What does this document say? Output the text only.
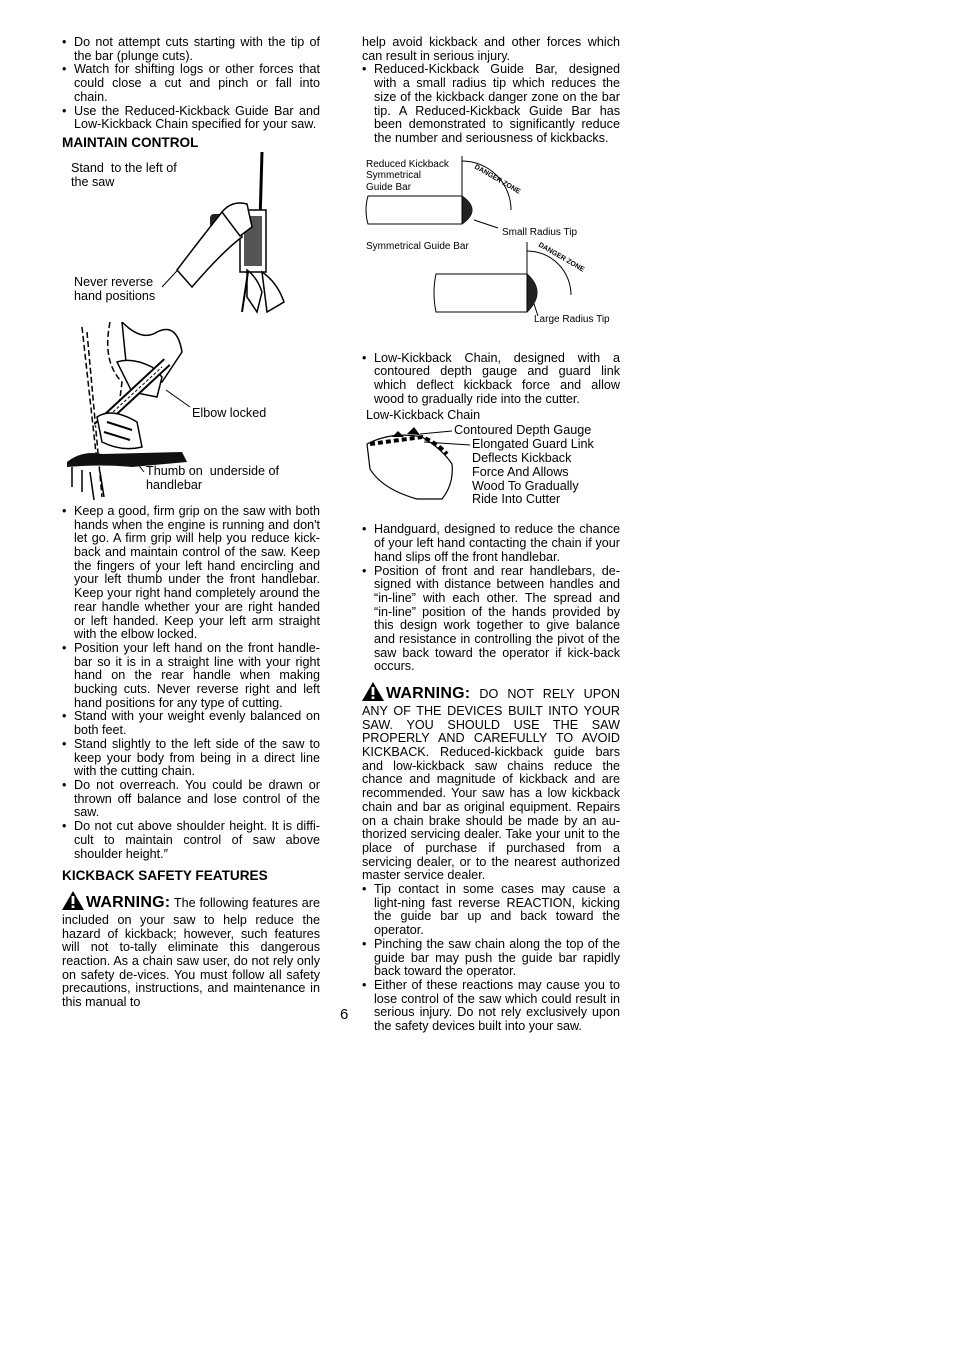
• Do not attempt cuts starting with the tip of the bar (plunge cuts).
• Watch for shifting logs or other forces that could close a cut and pinch or fall into chain.
• Use the Reduced-Kickback Guide Bar and Low-Kickback Chain specified for your saw.
MAINTAIN CONTROL
Stand  to the left of
the saw
Never reverse
hand positions
Elbow locked
Thumb on  underside of
handlebar
• Keep a good, firm grip on the saw with both hands when the engine is running and don't let go. A firm grip will help you reduce kick-back and maintain control of the saw. Keep the fingers of your left hand encircling and your left thumb under the front handlebar. Keep your right hand completely around the rear handle whether your are right handed or left handed. Keep your left arm straight with the elbow locked.
• Position your left hand on the front handle-bar so it is in a straight line with your right hand on the rear handle when making bucking cuts. Never reverse right and left hand positions for any type of cutting.
• Stand with your weight evenly balanced on both feet.
• Stand slightly to the left side of the saw to keep your body from being in a direct line with the cutting chain.
• Do not overreach. You could be drawn or thrown off balance and lose control of the saw.
• Do not cut above shoulder height. It is diffi-cult to maintain control of saw above shoulder height.″
KICKBACK SAFETY FEATURES
WARNING: The following features are included on your saw to help reduce the hazard of kickback; however, such features will not to-tally eliminate this dangerous reaction. As a chain saw user, do not rely only on safety de-vices. You must follow all safety precautions, instructions, and maintenance in this manual to
help avoid kickback and other forces which can result in serious injury.
• Reduced-Kickback Guide Bar, designed with a small radius tip which reduces the size of the kickback danger zone on the bar tip. A Reduced-Kickback Guide Bar has been demonstrated to significantly reduce the number and seriousness of kickbacks.
Reduced Kickback
Symmetrical
Guide Bar
Small Radius Tip
Symmetrical Guide Bar
Large Radius Tip
DANGER ZONE
DANGER ZONE
• Low-Kickback Chain, designed with a contoured depth gauge and guard link which deflect kickback force and allow wood to gradually ride into the cutter.
Low-Kickback Chain
Contoured Depth Gauge
Elongated Guard Link
Deflects Kickback
Force And Allows
Wood To Gradually
Ride Into Cutter
• Handguard, designed to reduce the chance of your left hand contacting the chain if your hand slips off the front handlebar.
• Position of front and rear handlebars, de-signed with distance between handles and “in-line” with each other. The spread and “in-line” position of the hands provided by this design work together to give balance and resistance in controlling the pivot of the saw back toward the operator if kick-back occurs.
WARNING: DO NOT RELY UPON ANY OF THE DEVICES BUILT INTO YOUR SAW. YOU SHOULD USE THE SAW PROPERLY AND CAREFULLY TO AVOID KICKBACK. Reduced-kickback guide bars and low-kickback saw chains reduce the chance and magnitude of kickback and are recommended. Your saw has a low kickback chain and bar as original equipment. Repairs on a chain brake should be made by an au-thorized servicing dealer. Take your unit to the place of purchase if purchased from a servicing dealer, or to the nearest authorized master service dealer.
• Tip contact in some cases may cause a light-ning fast reverse REACTION, kicking the guide bar up and back toward the operator.
• Pinching the saw chain along the top of the guide bar may push the guide bar rapidly back toward the operator.
• Either of these reactions may cause you to lose control of the saw which could result in serious injury. Do not rely exclusively upon the safety devices built into your saw.
6
